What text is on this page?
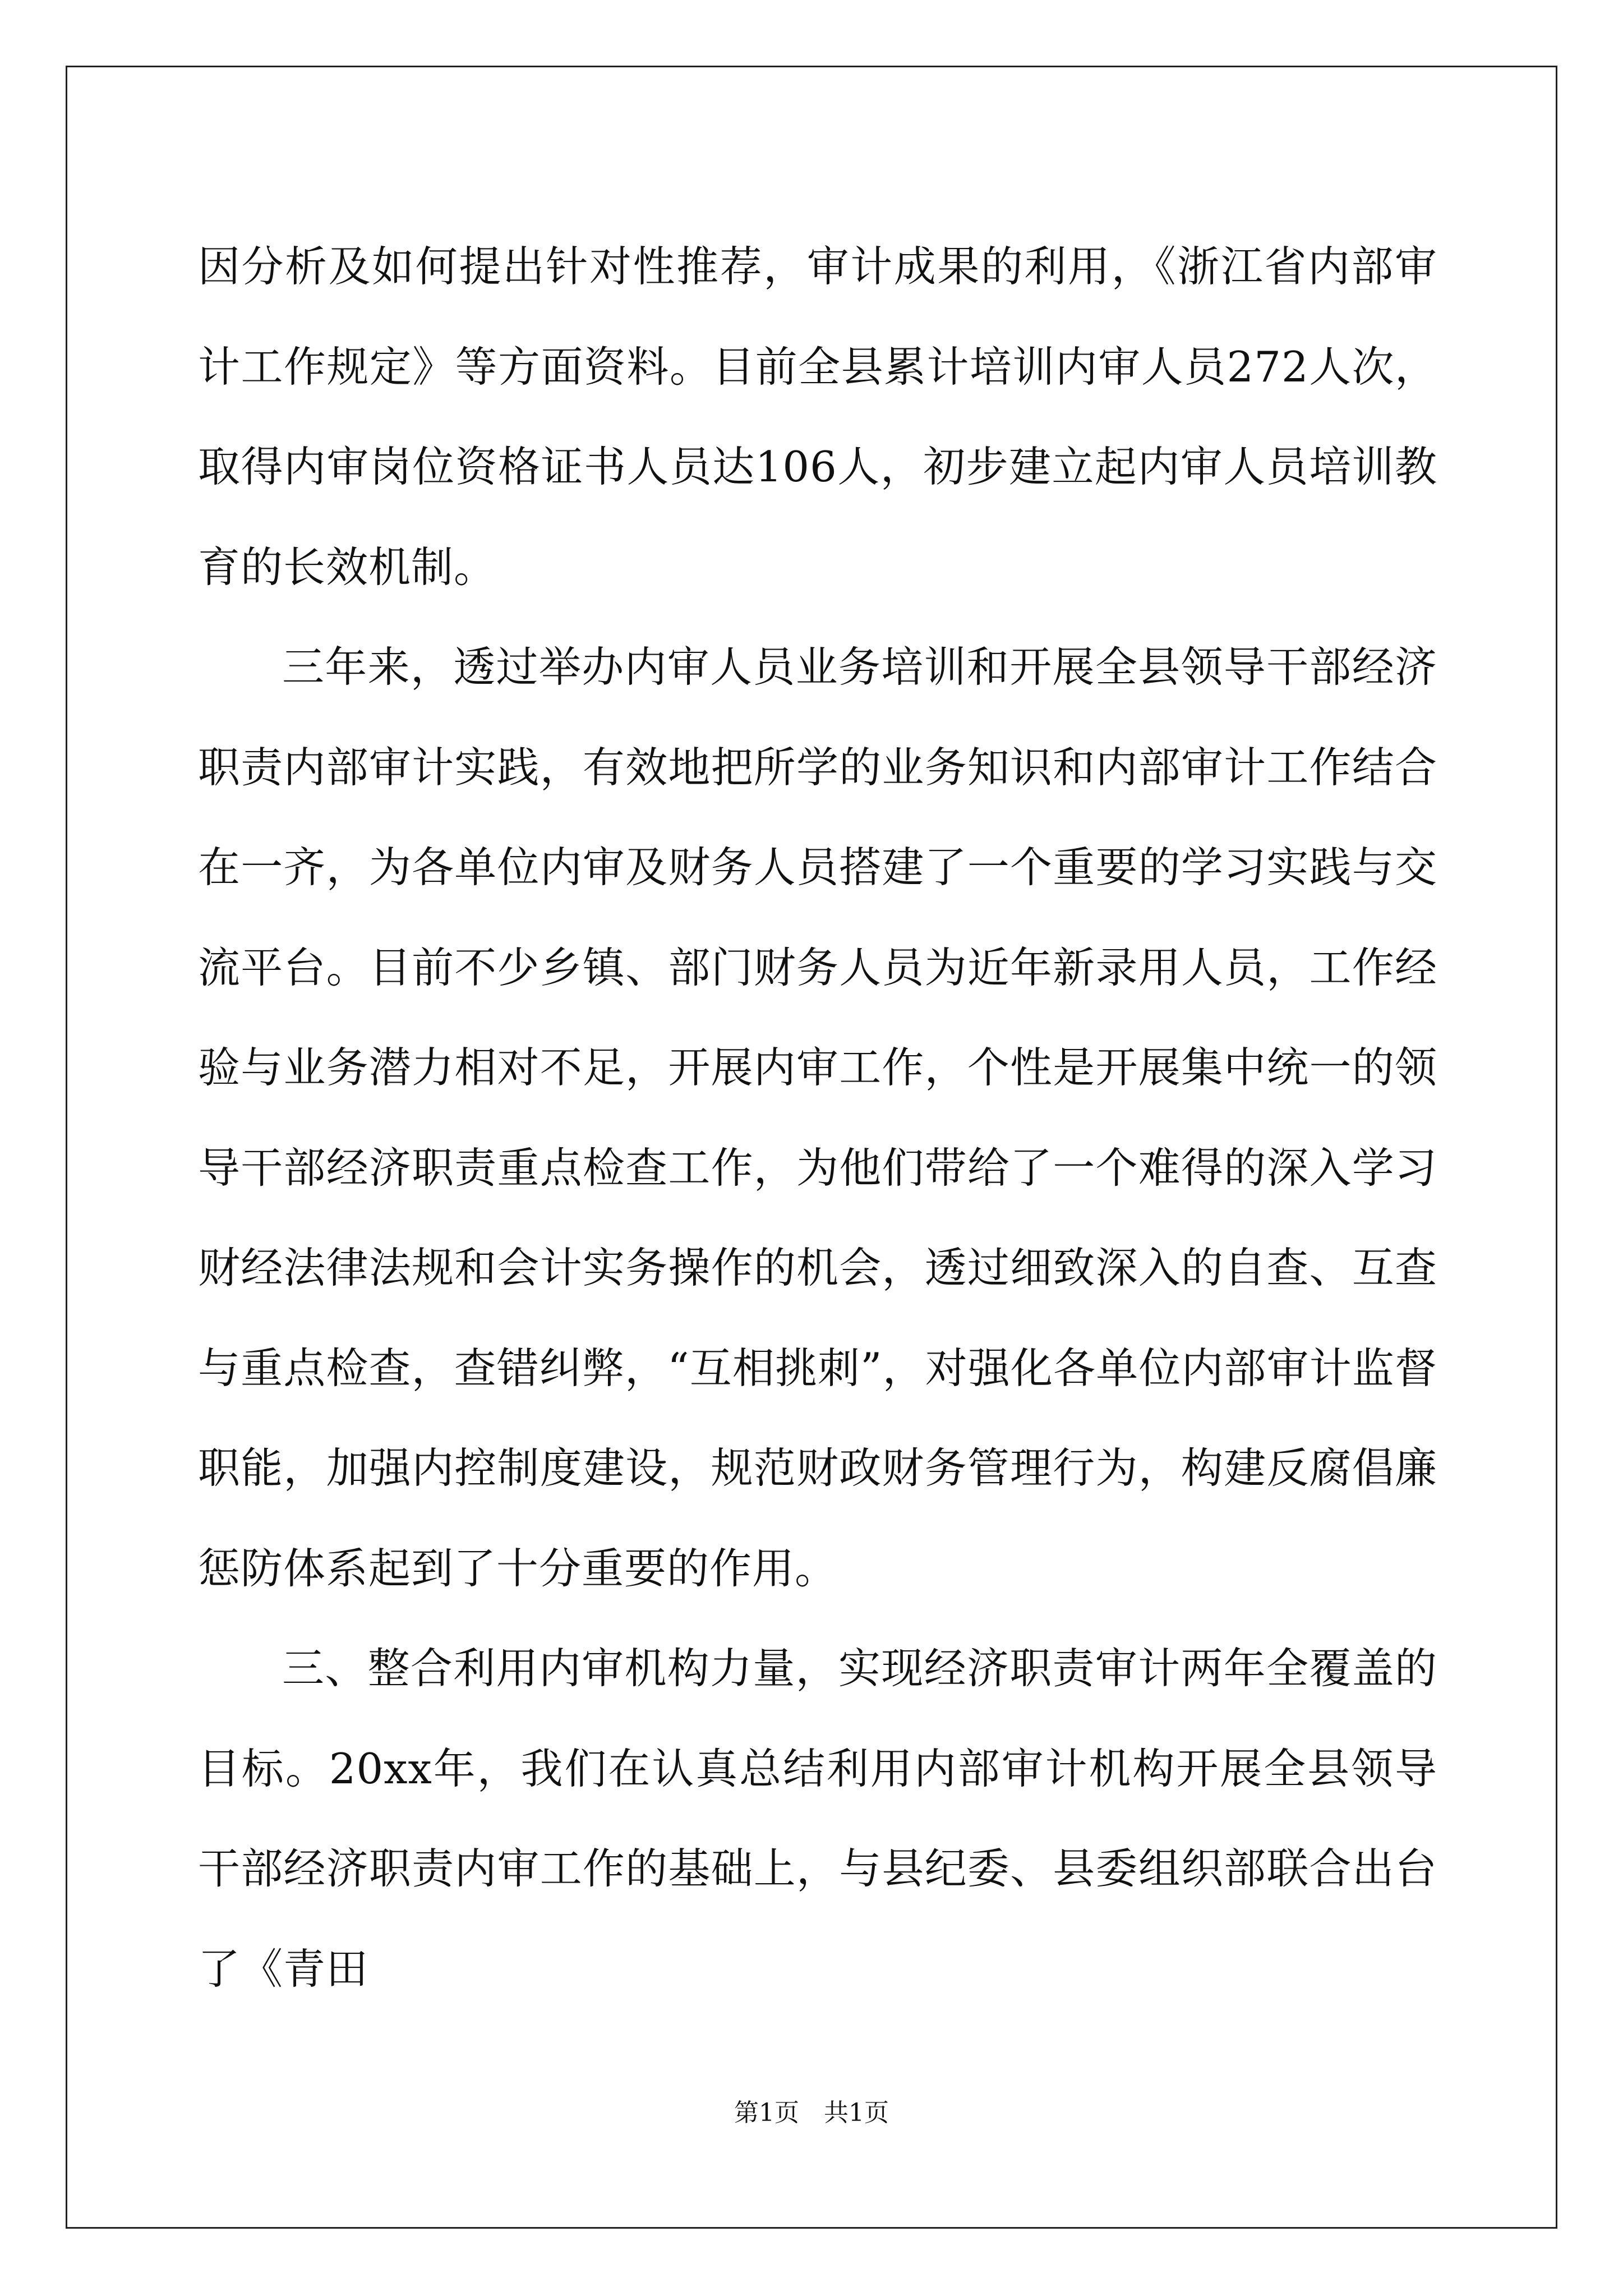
因分析及如何提出针对性推荐，审计成果的利用，《浙江省内部审计工作规定》等方面资料。目前全县累计培训内审人员272人次，取得内审岗位资格证书人员达106人，初步建立起内审人员培训教育的长效机制。

三年来，透过举办内审人员业务培训和开展全县领导干部经济职责内部审计实践，有效地把所学的业务知识和内部审计工作结合在一齐，为各单位内审及财务人员搭建了一个重要的学习实践与交流平台。目前不少乡镇、部门财务人员为近年新录用人员，工作经验与业务潜力相对不足，开展内审工作，个性是开展集中统一的领导干部经济职责重点检查工作，为他们带给了一个难得的深入学习财经法律法规和会计实务操作的机会，透过细致深入的自查、互查与重点检查，查错纠弊，“互相挑刺”，对强化各单位内部审计监督职能，加强内控制度建设，规范财政财务管理行为，构建反腐倡廉惩防体系起到了十分重要的作用。

三、整合利用内审机构力量，实现经济职责审计两年全覆盖的目标。20xx年，我们在认真总结利用内部审计机构开展全县领导干部经济职责内审工作的基础上，与县纪委、县委组织部联合出台了《青田

第1页　共1页
